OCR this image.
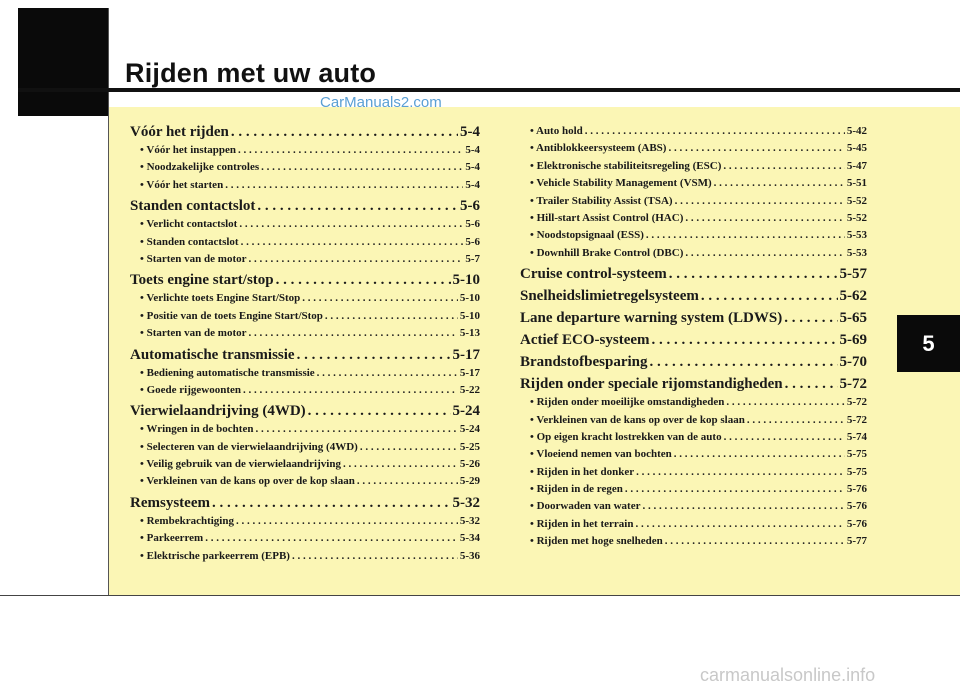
Rijden met uw auto
CarManuals2.com
Vóór het rijden . . .	5-4
• Vóór het instappen . . .	5-4
• Noodzakelijke controles . . .	5-4
• Vóór het starten . . .	5-4
Standen contactslot . . .	5-6
• Verlicht contactslot . . .	5-6
• Standen contactslot . . .	5-6
• Starten van de motor . . .	5-7
Toets engine start/stop . . .	5-10
• Verlichte toets Engine Start/Stop . . .	5-10
• Positie van de toets Engine Start/Stop . . .	5-10
• Starten van de motor . . .	5-13
Automatische transmissie . . .	5-17
• Bediening automatische transmissie . . .	5-17
• Goede rijgewoonten . . .	5-22
Vierwielaandrijving (4WD) . . .	5-24
• Wringen in de bochten . . .	5-24
• Selecteren van de vierwielaandrijving (4WD) . . .	5-25
• Veilig gebruik van de vierwielaandrijving . . .	5-26
• Verkleinen van de kans op over de kop slaan . . .	5-29
Remsysteem . . .	5-32
• Rembekrachtiging . . .	5-32
• Parkeerrem . . .	5-34
• Elektrische parkeerrem (EPB) . . .	5-36
• Auto hold . . .	5-42
• Antiblokkeersysteem (ABS) . . .	5-45
• Elektronische stabiliteitsregeling (ESC) . . .	5-47
• Vehicle Stability Management (VSM) . . .	5-51
• Trailer Stability Assist (TSA) . . .	5-52
• Hill-start Assist Control (HAC) . . .	5-52
• Noodstopsignaal (ESS) . . .	5-53
• Downhill Brake Control (DBC) . . .	5-53
Cruise control-systeem . . .	5-57
Snelheidslimietregelsysteem . . .	5-62
Lane departure warning system (LDWS) . . .	5-65
Actief ECO-systeem . . .	5-69
Brandstofbesparing . . .	5-70
Rijden onder speciale rijomstandigheden . . .	5-72
• Rijden onder moeilijke omstandigheden . . .	5-72
• Verkleinen van de kans op over de kop slaan . . .	5-72
• Op eigen kracht lostrekken van de auto . . .	5-74
• Vloeiend nemen van bochten . . .	5-75
• Rijden in het donker . . .	5-75
• Rijden in de regen . . .	5-76
• Doorwaden van water . . .	5-76
• Rijden in het terrain . . .	5-76
• Rijden met hoge snelheden . . .	5-77
5
carmanualsonline.info
